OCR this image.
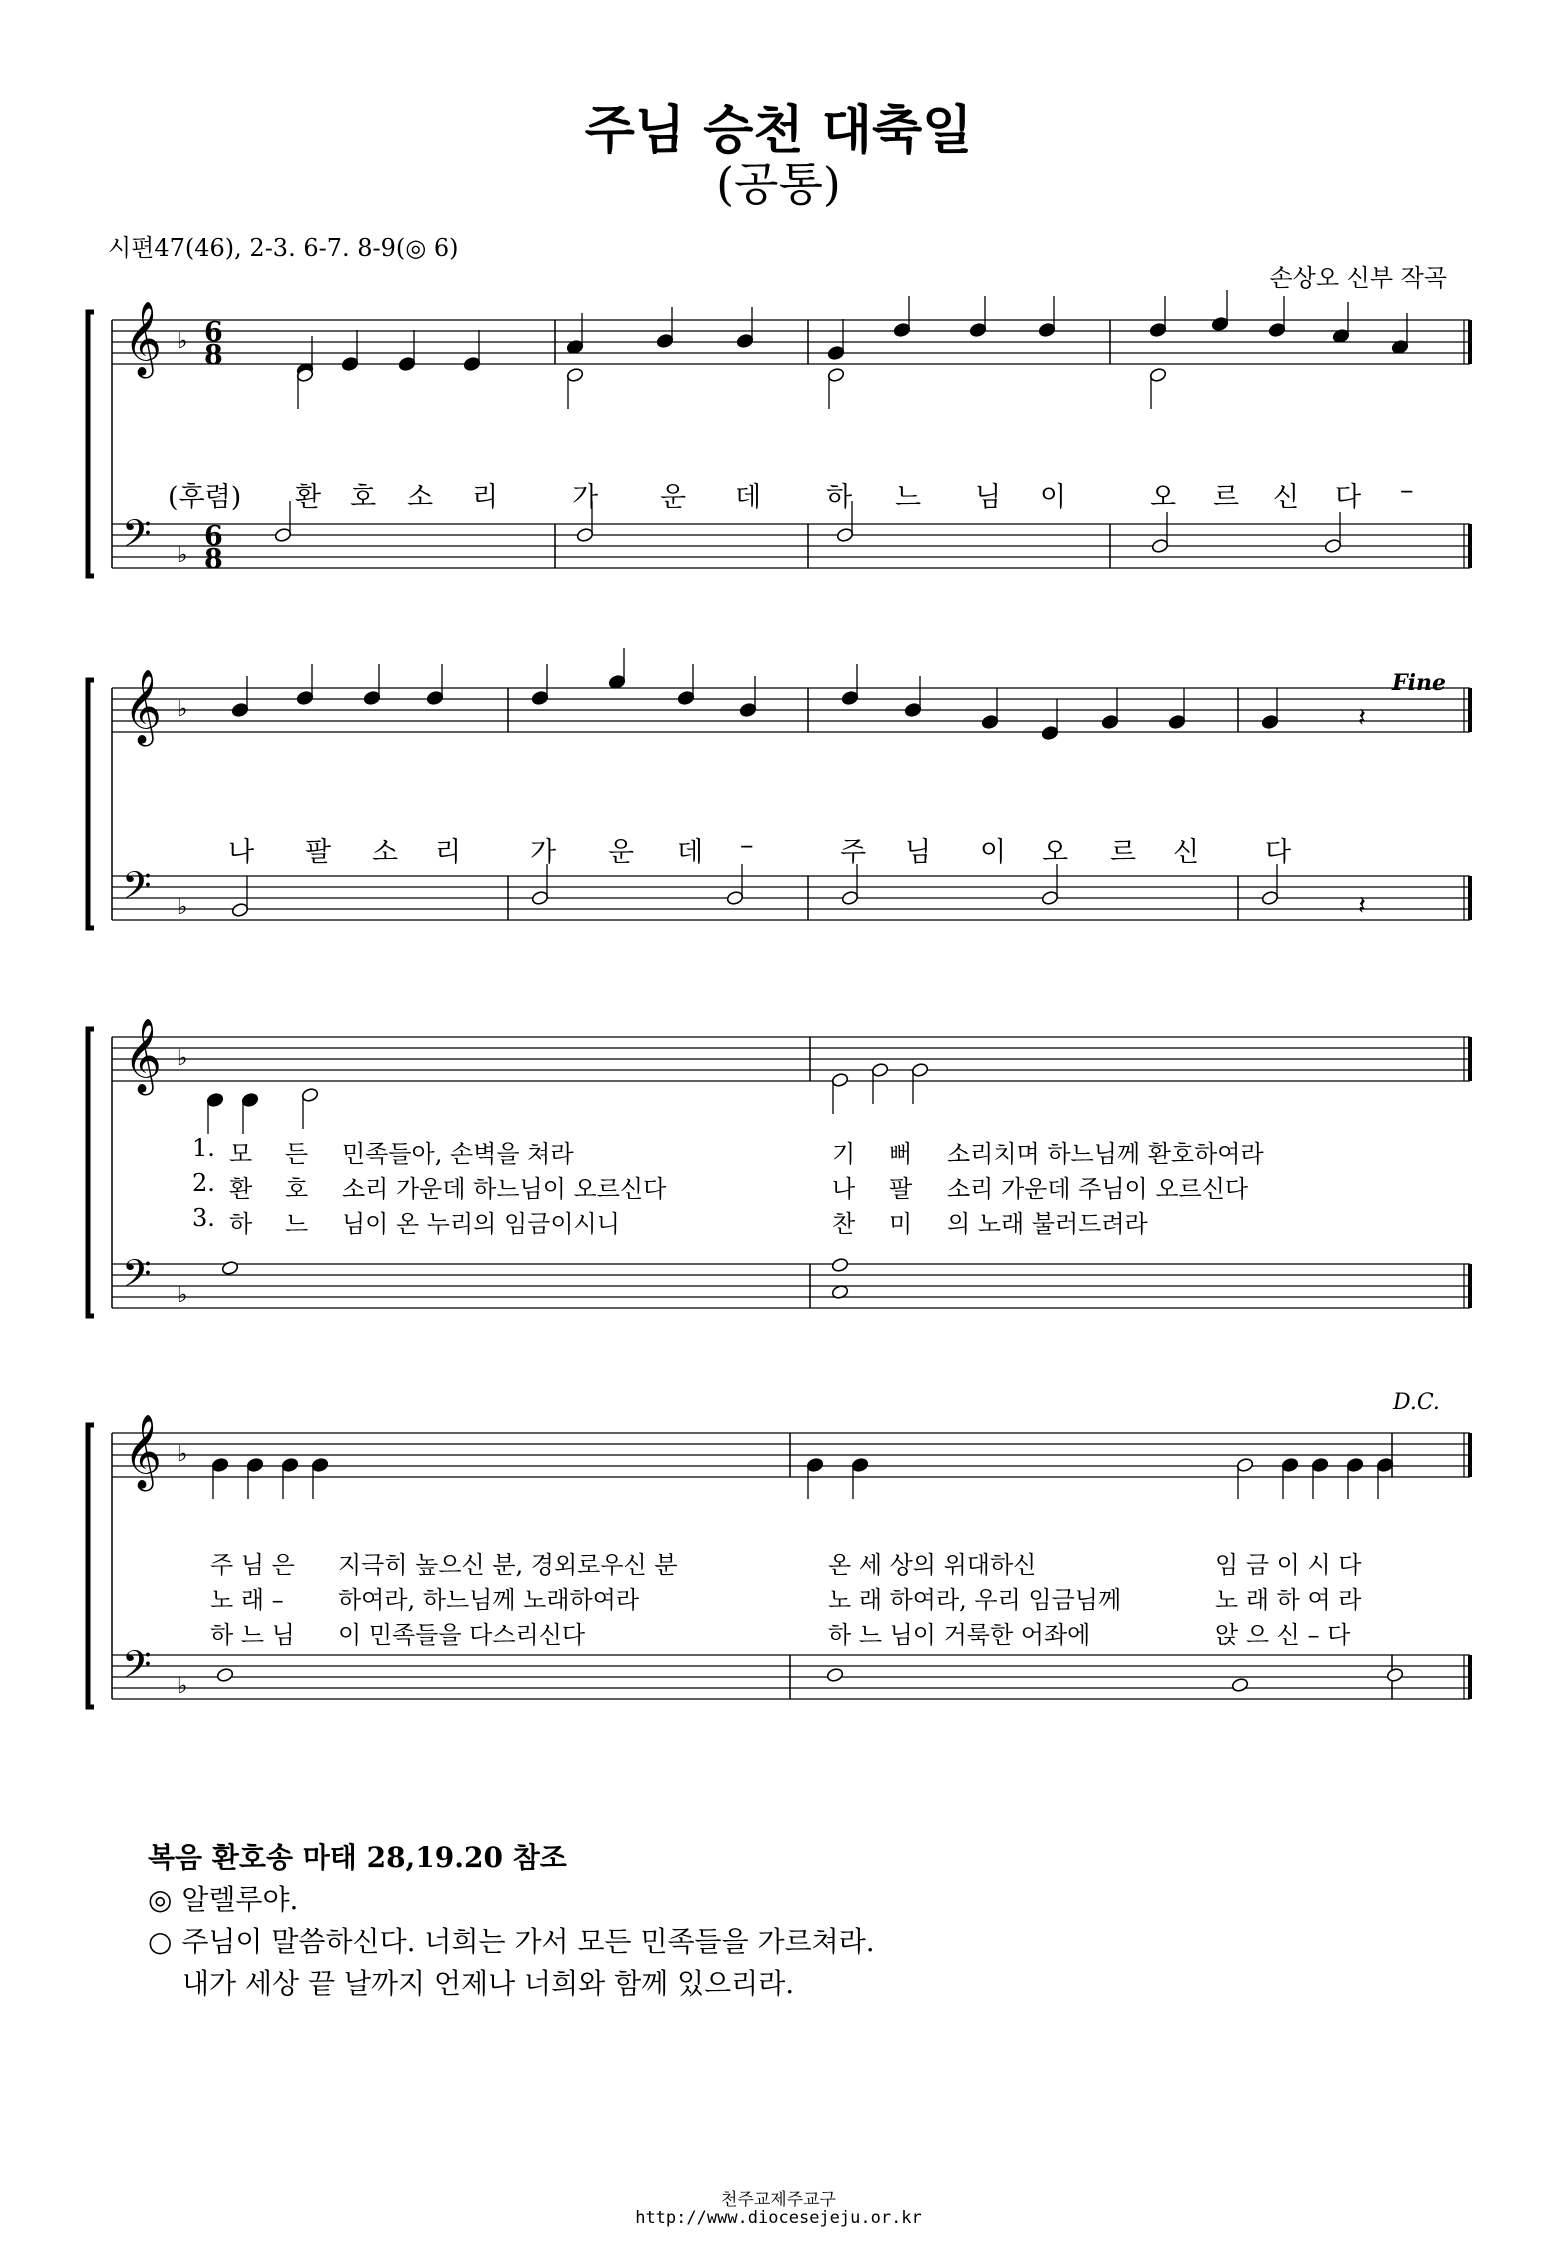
주님 승천 대축일
(공통)
시편47(46), 2-3. 6-7. 8-9(◎ 6)
손상오 신부 작곡
𝄞
𝄢
♭
♭
6
8
6
8
𝄞
𝄢
♭
♭
𝄞
𝄢
♭
♭
𝄞
𝄢
♭
♭
𝄽
𝄽
(후렴) 환 호 소 리	가 운 데 하 느 님 이	오 르 신 다 –
나 팔 소 리	가 운 데 –	주 님 이 오 르 신 다
Fine
D.C.
1. 모 든 민족들아, 손벽을 쳐라	기 뻐 소리치며 하느님께 환호하여라
2. 환 호 소리 가운데 하느님이 오르신다	나 팔 소리 가운데 주님이 오르신다
3. 하 느 님이 온 누리의 임금이시니	찬 미 의 노래 불러드려라
주 님 은 지극히 높으신 분, 경외로우신 분	온 세 상의 위대하신	임 금 이 시 다
노 래 – 하여라, 하느님께 노래하여라	노 래 하여라, 우리 임금님께	노 래 하 여 라
하 느 님 이 민족들을 다스리신다	하 느 님이 거룩한 어좌에	앉 으 신 – 다
복음 환호송 마태 28,19.20 참조
◎ 알렐루야.
○ 주님이 말씀하신다. 너희는 가서 모든 민족들을 가르쳐라.
내가 세상 끝 날까지 언제나 너희와 함께 있으리라.
천주교제주교구
http://www.diocesejeju.or.kr
